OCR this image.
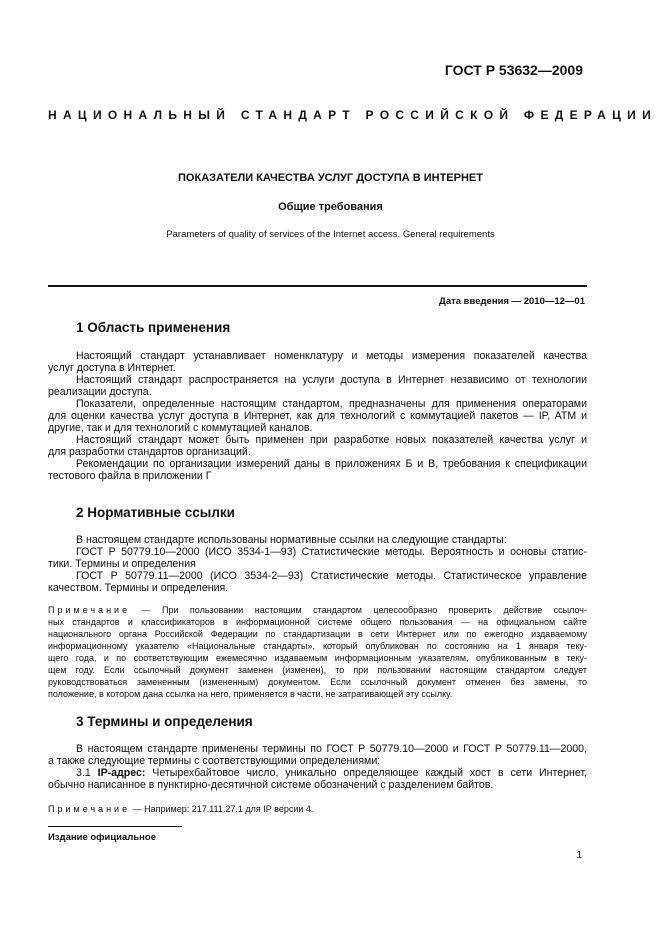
ГОСТ Р 53632—2009
НАЦИОНАЛЬНЫЙ СТАНДАРТ РОССИЙСКОЙ ФЕДЕРАЦИИ
ПОКАЗАТЕЛИ КАЧЕСТВА УСЛУГ ДОСТУПА В ИНТЕРНЕТ
Общие требования
Parameters of quality of services of the Internet access. General requirements
Дата введения — 2010—12—01
1 Область применения
Настоящий стандарт устанавливает номенклатуру и методы измерения показателей качества
услуг доступа в Интернет.
Настоящий стандарт распространяется на услуги доступа в Интернет независимо от технологии
реализации доступа.
Показатели, определенные настоящим стандартом, предназначены для применения операторами
для оценки качества услуг доступа в Интернет, как для технологий с коммутацией пакетов — IP, ATM и
другие, так и для технологий с коммутацией каналов.
Настоящий стандарт может быть применен при разработке новых показателей качества услуг и
для разработки стандартов организаций.
Рекомендации по организации измерений даны в приложениях Б и В, требования к спецификации
тестового файла в приложении Г
2 Нормативные ссылки
В настоящем стандарте использованы нормативные ссылки на следующие стандарты:
ГОСТ Р 50779.10—2000 (ИСО 3534-1—93) Статистические методы. Вероятность и основы статис-
тики. Термины и определения
ГОСТ Р 50779.11—2000 (ИСО 3534-2—93) Статистические методы. Статистическое управление
качеством. Термины и определения.
Примечание — При пользовании настоящим стандартом целесообразно проверить действие ссылоч-
ных стандартов и классификаторов в информационной системе общего пользования — на официальном сайте
национального органа Российской Федерации по стандартизации в сети Интернет или по ежегодно издаваемому
информационному указателю «Национальные стандарты», который опубликован по состоянию на 1 января теку-
щего года, и по соответствующим ежемесячно издаваемым информационным указателям, опубликованным в теку-
щем году. Если ссылочный документ заменен (изменен), то при пользовании настоящим стандартом следует
руководствоваться замененным (измененным) документом. Если ссылочный документ отменен без замены, то
положение, в котором дана ссылка на него, применяется в части, не затрагивающей эту ссылку.
3 Термины и определения
В настоящем стандарте применены термины по ГОСТ Р 50779.10—2000 и ГОСТ Р 50779.11—2000,
а также следующие термины с соответствующими определениями:
3.1 IP-адрес: Четырехбайтовое число, уникально определяющее каждый хост в сети Интернет,
обычно написанное в пунктирно-десятичной системе обозначений с разделением байтов.
Примечание — Например: 217.111.27.1 для IP версии 4.
Издание официальное
1
